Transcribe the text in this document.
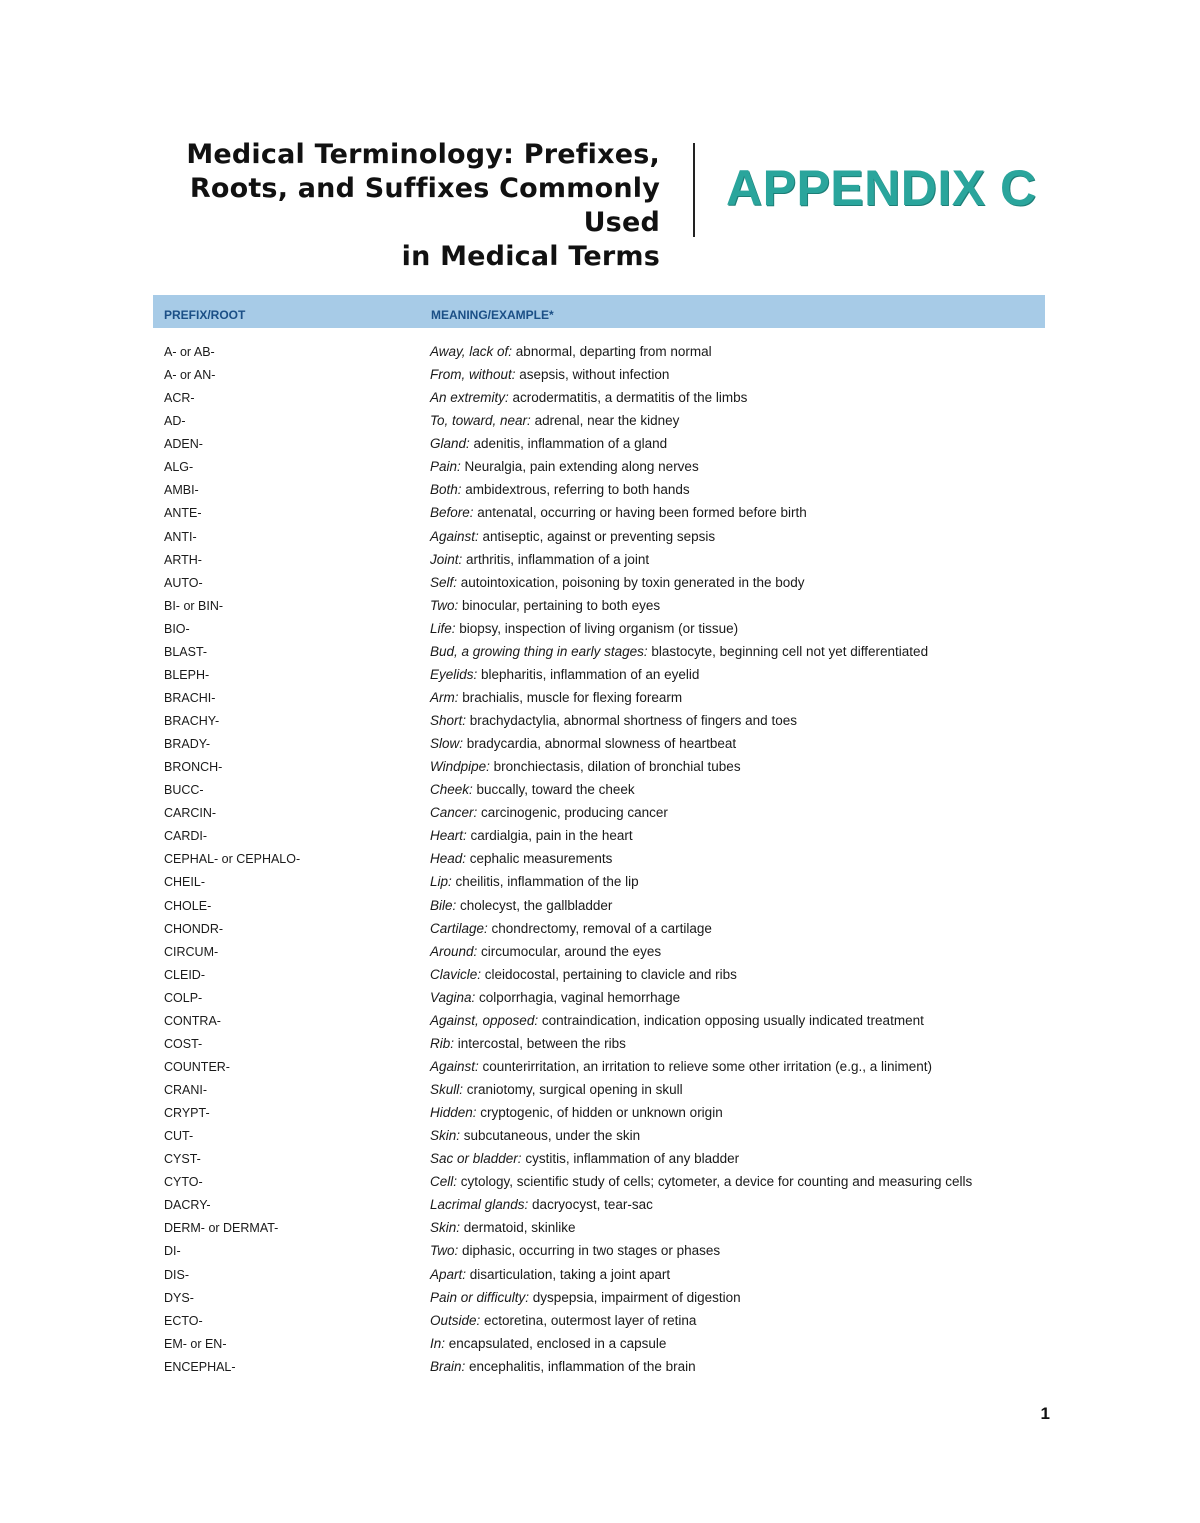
Medical Terminology: Prefixes,
Roots, and Suffixes Commonly Used
in Medical Terms
APPENDIX C
PREFIX/ROOT	MEANING/EXAMPLE*
A- or AB-	Away, lack of: abnormal, departing from normal
A- or AN-	From, without: asepsis, without infection
ACR-	An extremity: acrodermatitis, a dermatitis of the limbs
AD-	To, toward, near: adrenal, near the kidney
ADEN-	Gland: adenitis, inflammation of a gland
ALG-	Pain: Neuralgia, pain extending along nerves
AMBI-	Both: ambidextrous, referring to both hands
ANTE-	Before: antenatal, occurring or having been formed before birth
ANTI-	Against: antiseptic, against or preventing sepsis
ARTH-	Joint: arthritis, inflammation of a joint
AUTO-	Self: autointoxication, poisoning by toxin generated in the body
BI- or BIN-	Two: binocular, pertaining to both eyes
BIO-	Life: biopsy, inspection of living organism (or tissue)
BLAST-	Bud, a growing thing in early stages: blastocyte, beginning cell not yet differentiated
BLEPH-	Eyelids: blepharitis, inflammation of an eyelid
BRACHI-	Arm: brachialis, muscle for flexing forearm
BRACHY-	Short: brachydactylia, abnormal shortness of fingers and toes
BRADY-	Slow: bradycardia, abnormal slowness of heartbeat
BRONCH-	Windpipe: bronchiectasis, dilation of bronchial tubes
BUCC-	Cheek: buccally, toward the cheek
CARCIN-	Cancer: carcinogenic, producing cancer
CARDI-	Heart: cardialgia, pain in the heart
CEPHAL- or CEPHALO-	Head: cephalic measurements
CHEIL-	Lip: cheilitis, inflammation of the lip
CHOLE-	Bile: cholecyst, the gallbladder
CHONDR-	Cartilage: chondrectomy, removal of a cartilage
CIRCUM-	Around: circumocular, around the eyes
CLEID-	Clavicle: cleidocostal, pertaining to clavicle and ribs
COLP-	Vagina: colporrhagia, vaginal hemorrhage
CONTRA-	Against, opposed: contraindication, indication opposing usually indicated treatment
COST-	Rib: intercostal, between the ribs
COUNTER-	Against: counterirritation, an irritation to relieve some other irritation (e.g., a liniment)
CRANI-	Skull: craniotomy, surgical opening in skull
CRYPT-	Hidden: cryptogenic, of hidden or unknown origin
CUT-	Skin: subcutaneous, under the skin
CYST-	Sac or bladder: cystitis, inflammation of any bladder
CYTO-	Cell: cytology, scientific study of cells; cytometer, a device for counting and measuring cells
DACRY-	Lacrimal glands: dacryocyst, tear-sac
DERM- or DERMAT-	Skin: dermatoid, skinlike
DI-	Two: diphasic, occurring in two stages or phases
DIS-	Apart: disarticulation, taking a joint apart
DYS-	Pain or difficulty: dyspepsia, impairment of digestion
ECTO-	Outside: ectoretina, outermost layer of retina
EM- or EN-	In: encapsulated, enclosed in a capsule
ENCEPHAL-	Brain: encephalitis, inflammation of the brain
1
